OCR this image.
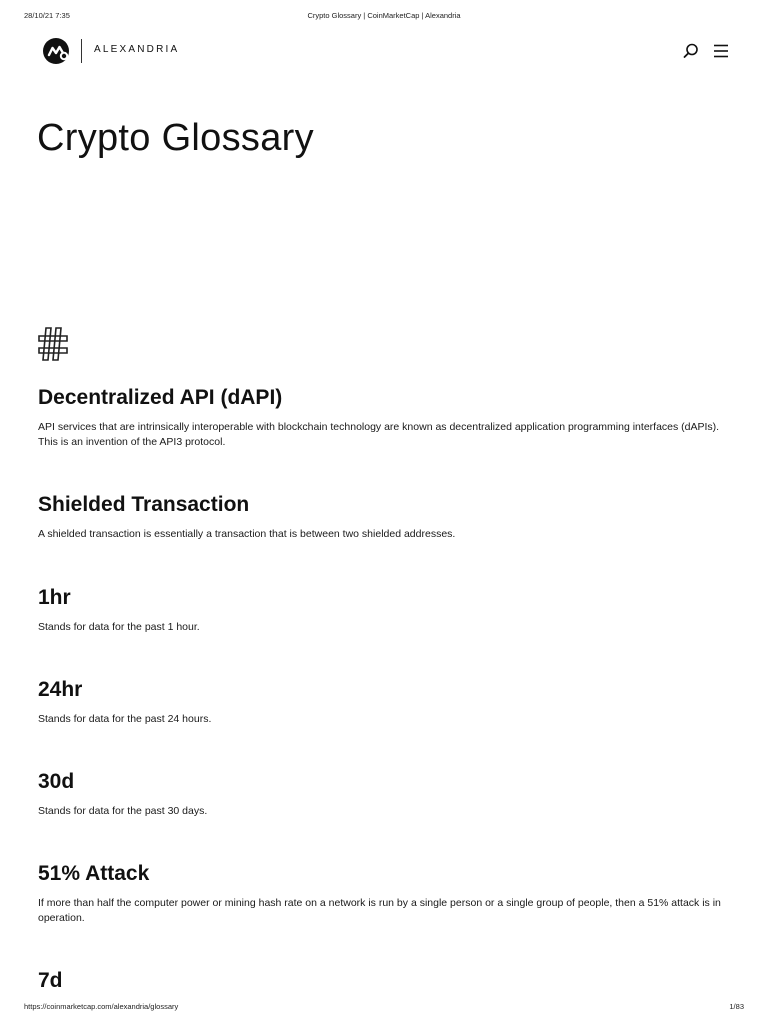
28/10/21 7:35	Crypto Glossary | CoinMarketCap | Alexandria
ALEXANDRIA
Crypto Glossary
Decentralized API (dAPI)

API services that are intrinsically interoperable with blockchain technology are known as decentralized application programming interfaces (dAPIs). This is an invention of the API3 protocol.

Shielded Transaction

A shielded transaction is essentially a transaction that is between two shielded addresses.

1hr

Stands for data for the past 1 hour.

24hr

Stands for data for the past 24 hours.

30d

Stands for data for the past 30 days.

51% Attack

If more than half the computer power or mining hash rate on a network is run by a single person or a single group of people, then a 51% attack is in operation.

7d
https://coinmarketcap.com/alexandria/glossary	1/83
